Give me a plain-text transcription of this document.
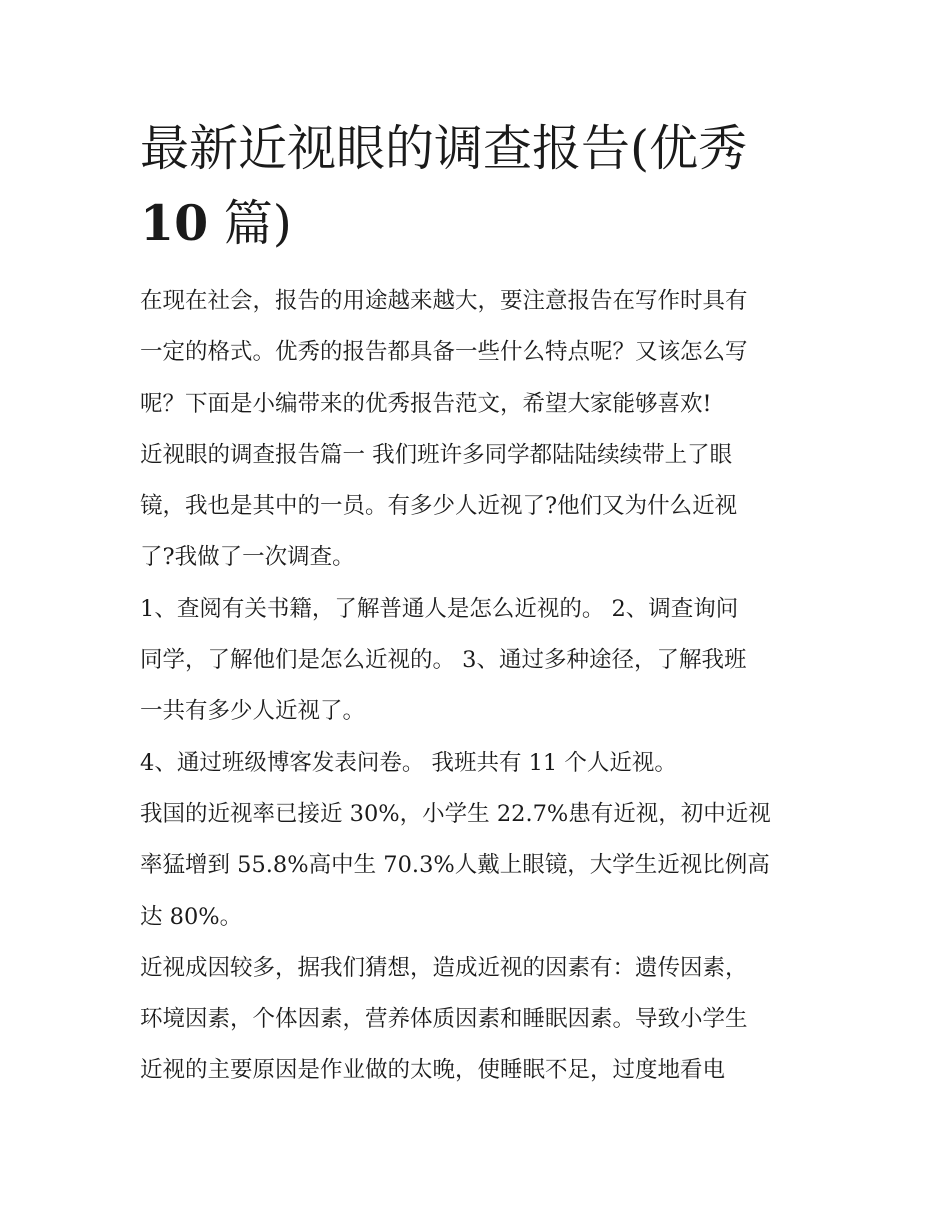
最新近视眼的调查报告(优秀
10 篇)

在现在社会，报告的用途越来越大，要注意报告在写作时具有
一定的格式。优秀的报告都具备一些什么特点呢？又该怎么写
呢？下面是小编带来的优秀报告范文，希望大家能够喜欢!

近视眼的调查报告篇一 我们班许多同学都陆陆续续带上了眼
镜，我也是其中的一员。有多少人近视了?他们又为什么近视
了?我做了一次调查。

1、查阅有关书籍，了解普通人是怎么近视的。 2、调查询问
同学，了解他们是怎么近视的。 3、通过多种途径，了解我班
一共有多少人近视了。

4、通过班级博客发表问卷。 我班共有 11 个人近视。

我国的近视率已接近 30%，小学生 22.7%患有近视，初中近视
率猛增到 55.8%高中生 70.3%人戴上眼镜，大学生近视比例高
达 80%。

近视成因较多，据我们猜想，造成近视的因素有：遗传因素，
环境因素，个体因素，营养体质因素和睡眠因素。导致小学生
近视的主要原因是作业做的太晚，使睡眠不足，过度地看电
